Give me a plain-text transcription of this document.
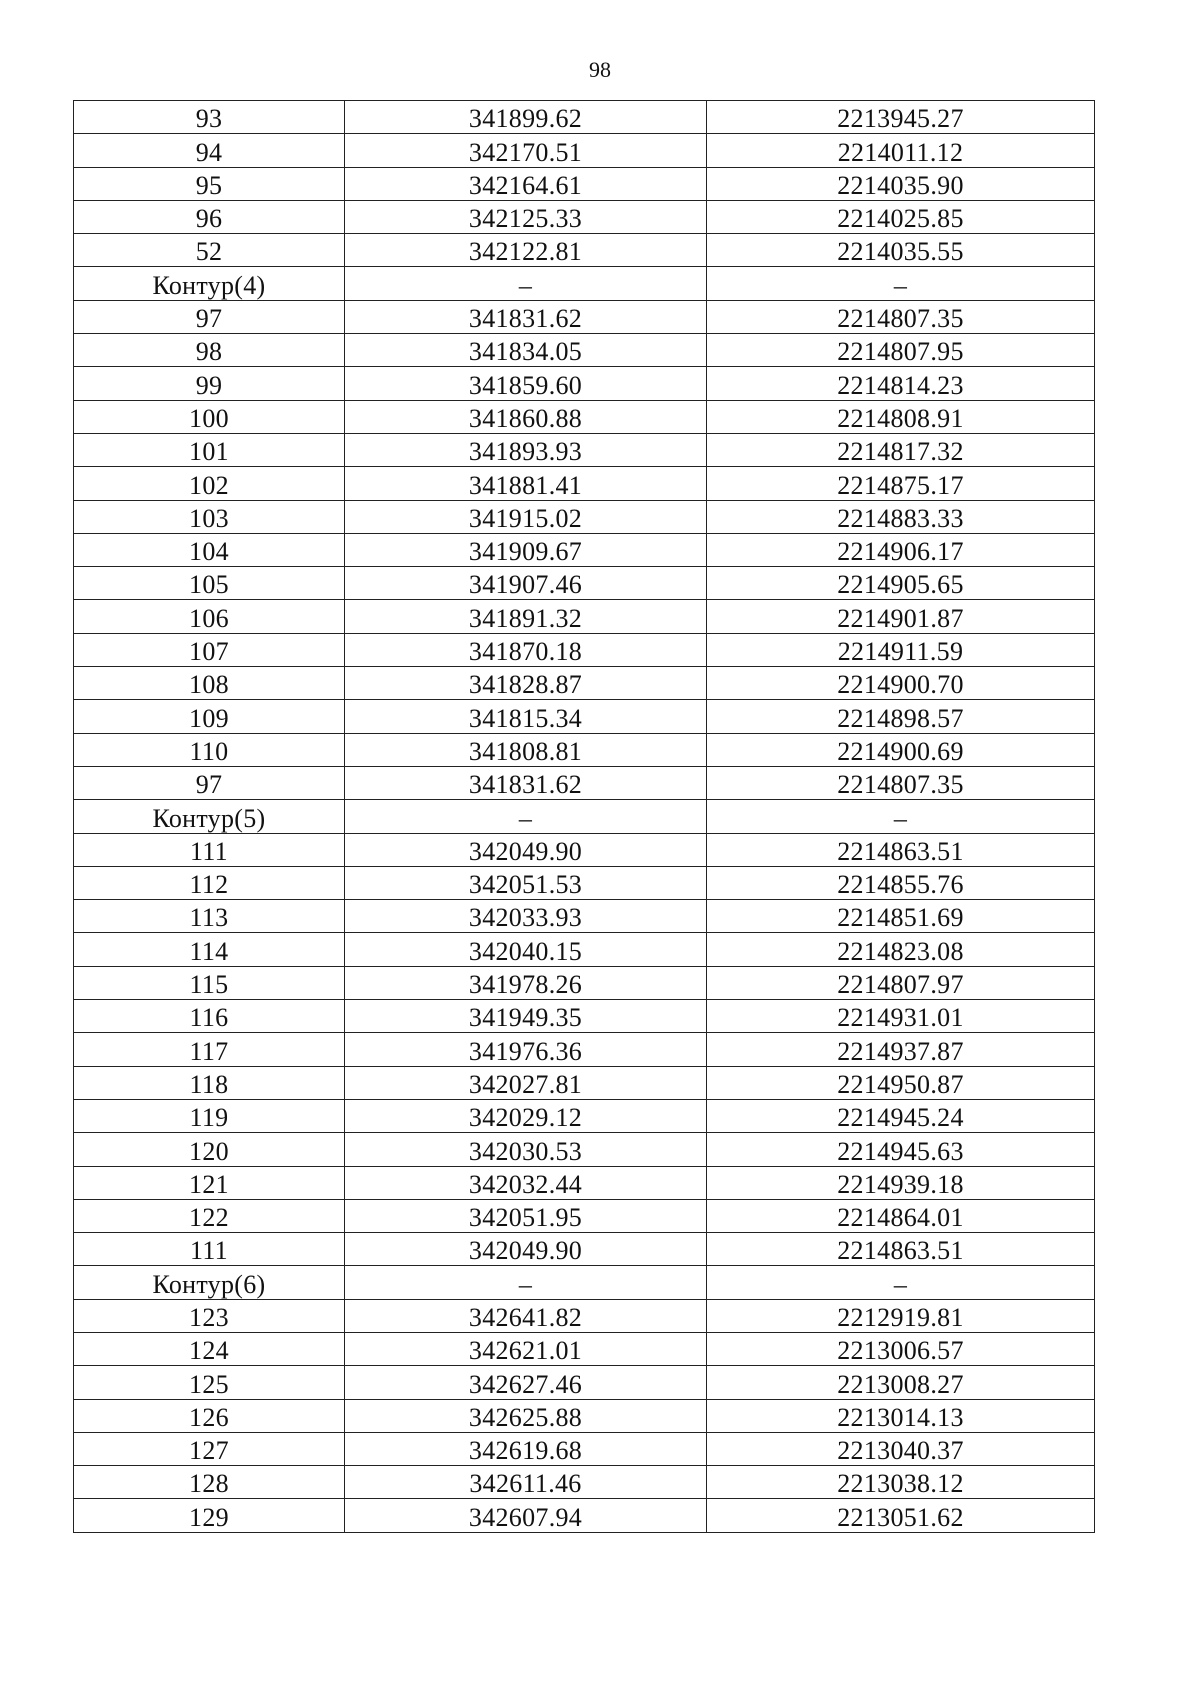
98
93	341899.62	2213945.27
94	342170.51	2214011.12
95	342164.61	2214035.90
96	342125.33	2214025.85
52	342122.81	2214035.55
Контур(4)	–	–
97	341831.62	2214807.35
98	341834.05	2214807.95
99	341859.60	2214814.23
100	341860.88	2214808.91
101	341893.93	2214817.32
102	341881.41	2214875.17
103	341915.02	2214883.33
104	341909.67	2214906.17
105	341907.46	2214905.65
106	341891.32	2214901.87
107	341870.18	2214911.59
108	341828.87	2214900.70
109	341815.34	2214898.57
110	341808.81	2214900.69
97	341831.62	2214807.35
Контур(5)	–	–
111	342049.90	2214863.51
112	342051.53	2214855.76
113	342033.93	2214851.69
114	342040.15	2214823.08
115	341978.26	2214807.97
116	341949.35	2214931.01
117	341976.36	2214937.87
118	342027.81	2214950.87
119	342029.12	2214945.24
120	342030.53	2214945.63
121	342032.44	2214939.18
122	342051.95	2214864.01
111	342049.90	2214863.51
Контур(6)	–	–
123	342641.82	2212919.81
124	342621.01	2213006.57
125	342627.46	2213008.27
126	342625.88	2213014.13
127	342619.68	2213040.37
128	342611.46	2213038.12
129	342607.94	2213051.62
